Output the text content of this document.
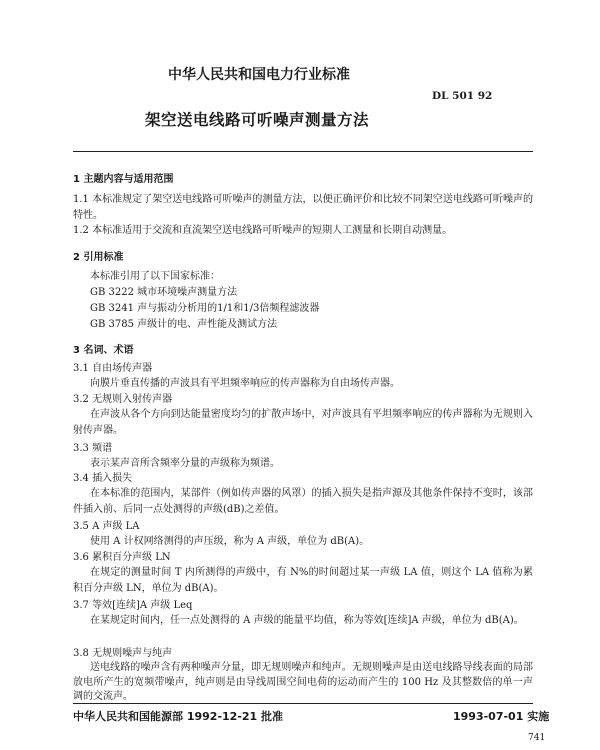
中华人民共和国电力行业标准
DL 501 92
架空送电线路可听噪声测量方法
1 主题内容与适用范围
1.1 本标准规定了架空送电线路可听噪声的测量方法，以便正确评价和比较不同架空送电线路可听噪声的特性。
1.2 本标准适用于交流和直流架空送电线路可听噪声的短期人工测量和长期自动测量。
2 引用标准
本标准引用了以下国家标准：
GB 3222 城市环境噪声测量方法
GB 3241 声与振动分析用的1/1和1/3倍频程滤波器
GB 3785 声级计的电、声性能及测试方法
3 名词、术语
3.1 自由场传声器
向膜片垂直传播的声波具有平坦频率响应的传声器称为自由场传声器。
3.2 无规则入射传声器
在声波从各个方向到达能量密度均匀的扩散声场中，对声波具有平坦频率响应的传声器称为无规则入射传声器。
3.3 频谱
表示某声音所含频率分量的声级称为频谱。
3.4 插入损失
在本标准的范围内，某部件（例如传声器的风罩）的插入损失是指声源及其他条件保持不变时，该部件插入前、后同一点处测得的声级(dB)之差值。
3.5 A 声级 LA
使用 A 计权网络测得的声压级，称为 A 声级，单位为 dB(A)。
3.6 累积百分声级 LN
在规定的测量时间 T 内所测得的声级中，有 N%的时间超过某一声级 LA 值，则这个 LA 值称为累积百分声级 LN，单位为 dB(A)。
3.7 等效[连续]A 声级 Leq
在某规定时间内，任一点处测得的 A 声级的能量平均值，称为等效[连续]A 声级，单位为 dB(A)。
3.8 无规则噪声与纯声
送电线路的噪声含有两种噪声分量，即无规则噪声和纯声。无规则噪声是由送电线路导线表面的局部放电所产生的宽频带噪声，纯声则是由导线周围空间电荷的运动而产生的 100 Hz 及其整数倍的单一声调的交流声。
中华人民共和国能源部 1992-12-21 批准	1993-07-01 实施
741
